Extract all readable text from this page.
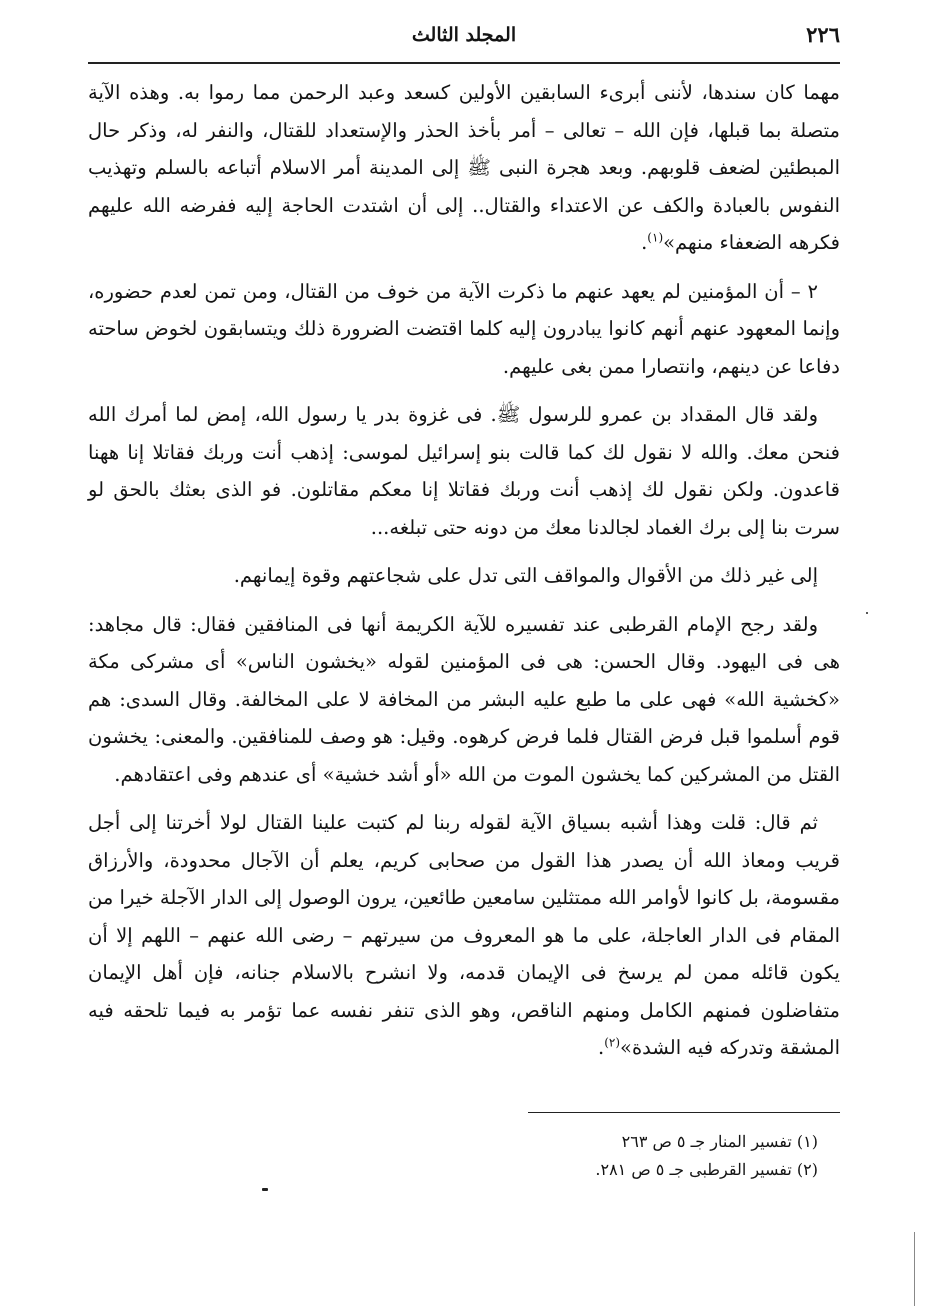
٢٢٦
المجلد الثالث

مهما كان سندها، لأننى أبرىء السابقين الأولين كسعد وعبد الرحمن مما رموا به. وهذه الآية متصلة بما قبلها، فإن الله – تعالى – أمر بأخذ الحذر والإستعداد للقتال، والنفر له، وذكر حال المبطئين لضعف قلوبهم. وبعد هجرة النبى ﷺ إلى المدينة أمر الاسلام أتباعه بالسلم وتهذيب النفوس بالعبادة والكف عن الاعتداء والقتال.. إلى أن اشتدت الحاجة إليه ففرضه الله عليهم فكرهه الضعفاء منهم»$^{(١)}$.

٢ – أن المؤمنين لم يعهد عنهم ما ذكرت الآية من خوف من القتال، ومن تمن لعدم حضوره، وإنما المعهود عنهم أنهم كانوا يبادرون إليه كلما اقتضت الضرورة ذلك ويتسابقون لخوض ساحته دفاعا عن دينهم، وانتصارا ممن بغى عليهم.

ولقد قال المقداد بن عمرو للرسول ﷺ. فى غزوة بدر يا رسول الله، إمض لما أمرك الله فنحن معك. والله لا نقول لك كما قالت بنو إسرائيل لموسى: إذهب أنت وربك فقاتلا إنا ههنا قاعدون. ولكن نقول لك إذهب أنت وربك فقاتلا إنا معكم مقاتلون. فو الذى بعثك بالحق لو سرت بنا إلى برك الغماد لجالدنا معك من دونه حتى تبلغه...

إلى غير ذلك من الأقوال والمواقف التى تدل على شجاعتهم وقوة إيمانهم.

ولقد رجح الإمام القرطبى عند تفسيره للآية الكريمة أنها فى المنافقين فقال: قال مجاهد: هى فى اليهود. وقال الحسن: هى فى المؤمنين لقوله «يخشون الناس» أى مشركى مكة «كخشية الله» فهى على ما طبع عليه البشر من المخافة لا على المخالفة. وقال السدى: هم قوم أسلموا قبل فرض القتال فلما فرض كرهوه. وقيل: هو وصف للمنافقين. والمعنى: يخشون القتل من المشركين كما يخشون الموت من الله «أو أشد خشية» أى عندهم وفى اعتقادهم.

ثم قال: قلت وهذا أشبه بسياق الآية لقوله ربنا لم كتبت علينا القتال لولا أخرتنا إلى أجل قريب ومعاذ الله أن يصدر هذا القول من صحابى كريم، يعلم أن الآجال محدودة، والأرزاق مقسومة، بل كانوا لأوامر الله ممتثلين سامعين طائعين، يرون الوصول إلى الدار الآجلة خيرا من المقام فى الدار العاجلة، على ما هو المعروف من سيرتهم – رضى الله عنهم – اللهم إلا أن يكون قائله ممن لم يرسخ فى الإيمان قدمه، ولا انشرح بالاسلام جنانه، فإن أهل الإيمان متفاضلون فمنهم الكامل ومنهم الناقص، وهو الذى تنفر نفسه عما تؤمر به فيما تلحقه فيه المشقة وتدركه فيه الشدة»$^{(٢)}$.

(١) تفسير المنار جـ ٥ ص ٢٦٣
(٢) تفسير القرطبى جـ ٥ ص ٢٨١.
